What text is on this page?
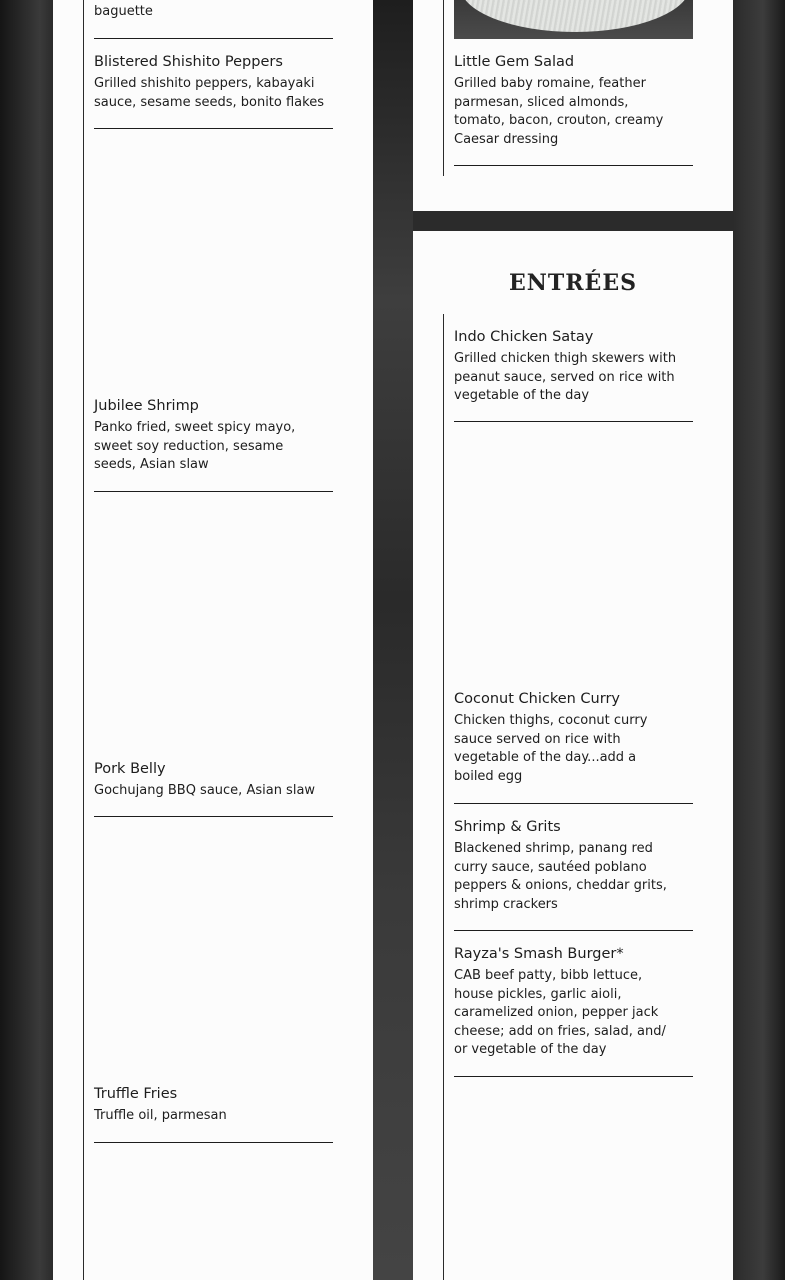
baguette

Blistered Shishito Peppers

Grilled shishito peppers, kabayaki sauce, sesame seeds, bonito flakes

Jubilee Shrimp

Panko fried, sweet spicy mayo, sweet soy reduction, sesame seeds, Asian slaw

Pork Belly

Gochujang BBQ sauce, Asian slaw

Truffle Fries

Truffle oil, parmesan

Little Gem Salad

Grilled baby romaine, feather parmesan, sliced almonds, tomato, bacon, crouton, creamy Caesar dressing

ENTRÉES

Indo Chicken Satay

Grilled chicken thigh skewers with peanut sauce, served on rice with vegetable of the day

Coconut Chicken Curry

Chicken thighs, coconut curry sauce served on rice with vegetable of the day...add a boiled egg

Shrimp & Grits

Blackened shrimp, panang red curry sauce, sautéed poblano peppers & onions, cheddar grits, shrimp crackers

Rayza's Smash Burger*

CAB beef patty, bibb lettuce, house pickles, garlic aioli, caramelized onion, pepper jack cheese; add on fries, salad, and/ or vegetable of the day
